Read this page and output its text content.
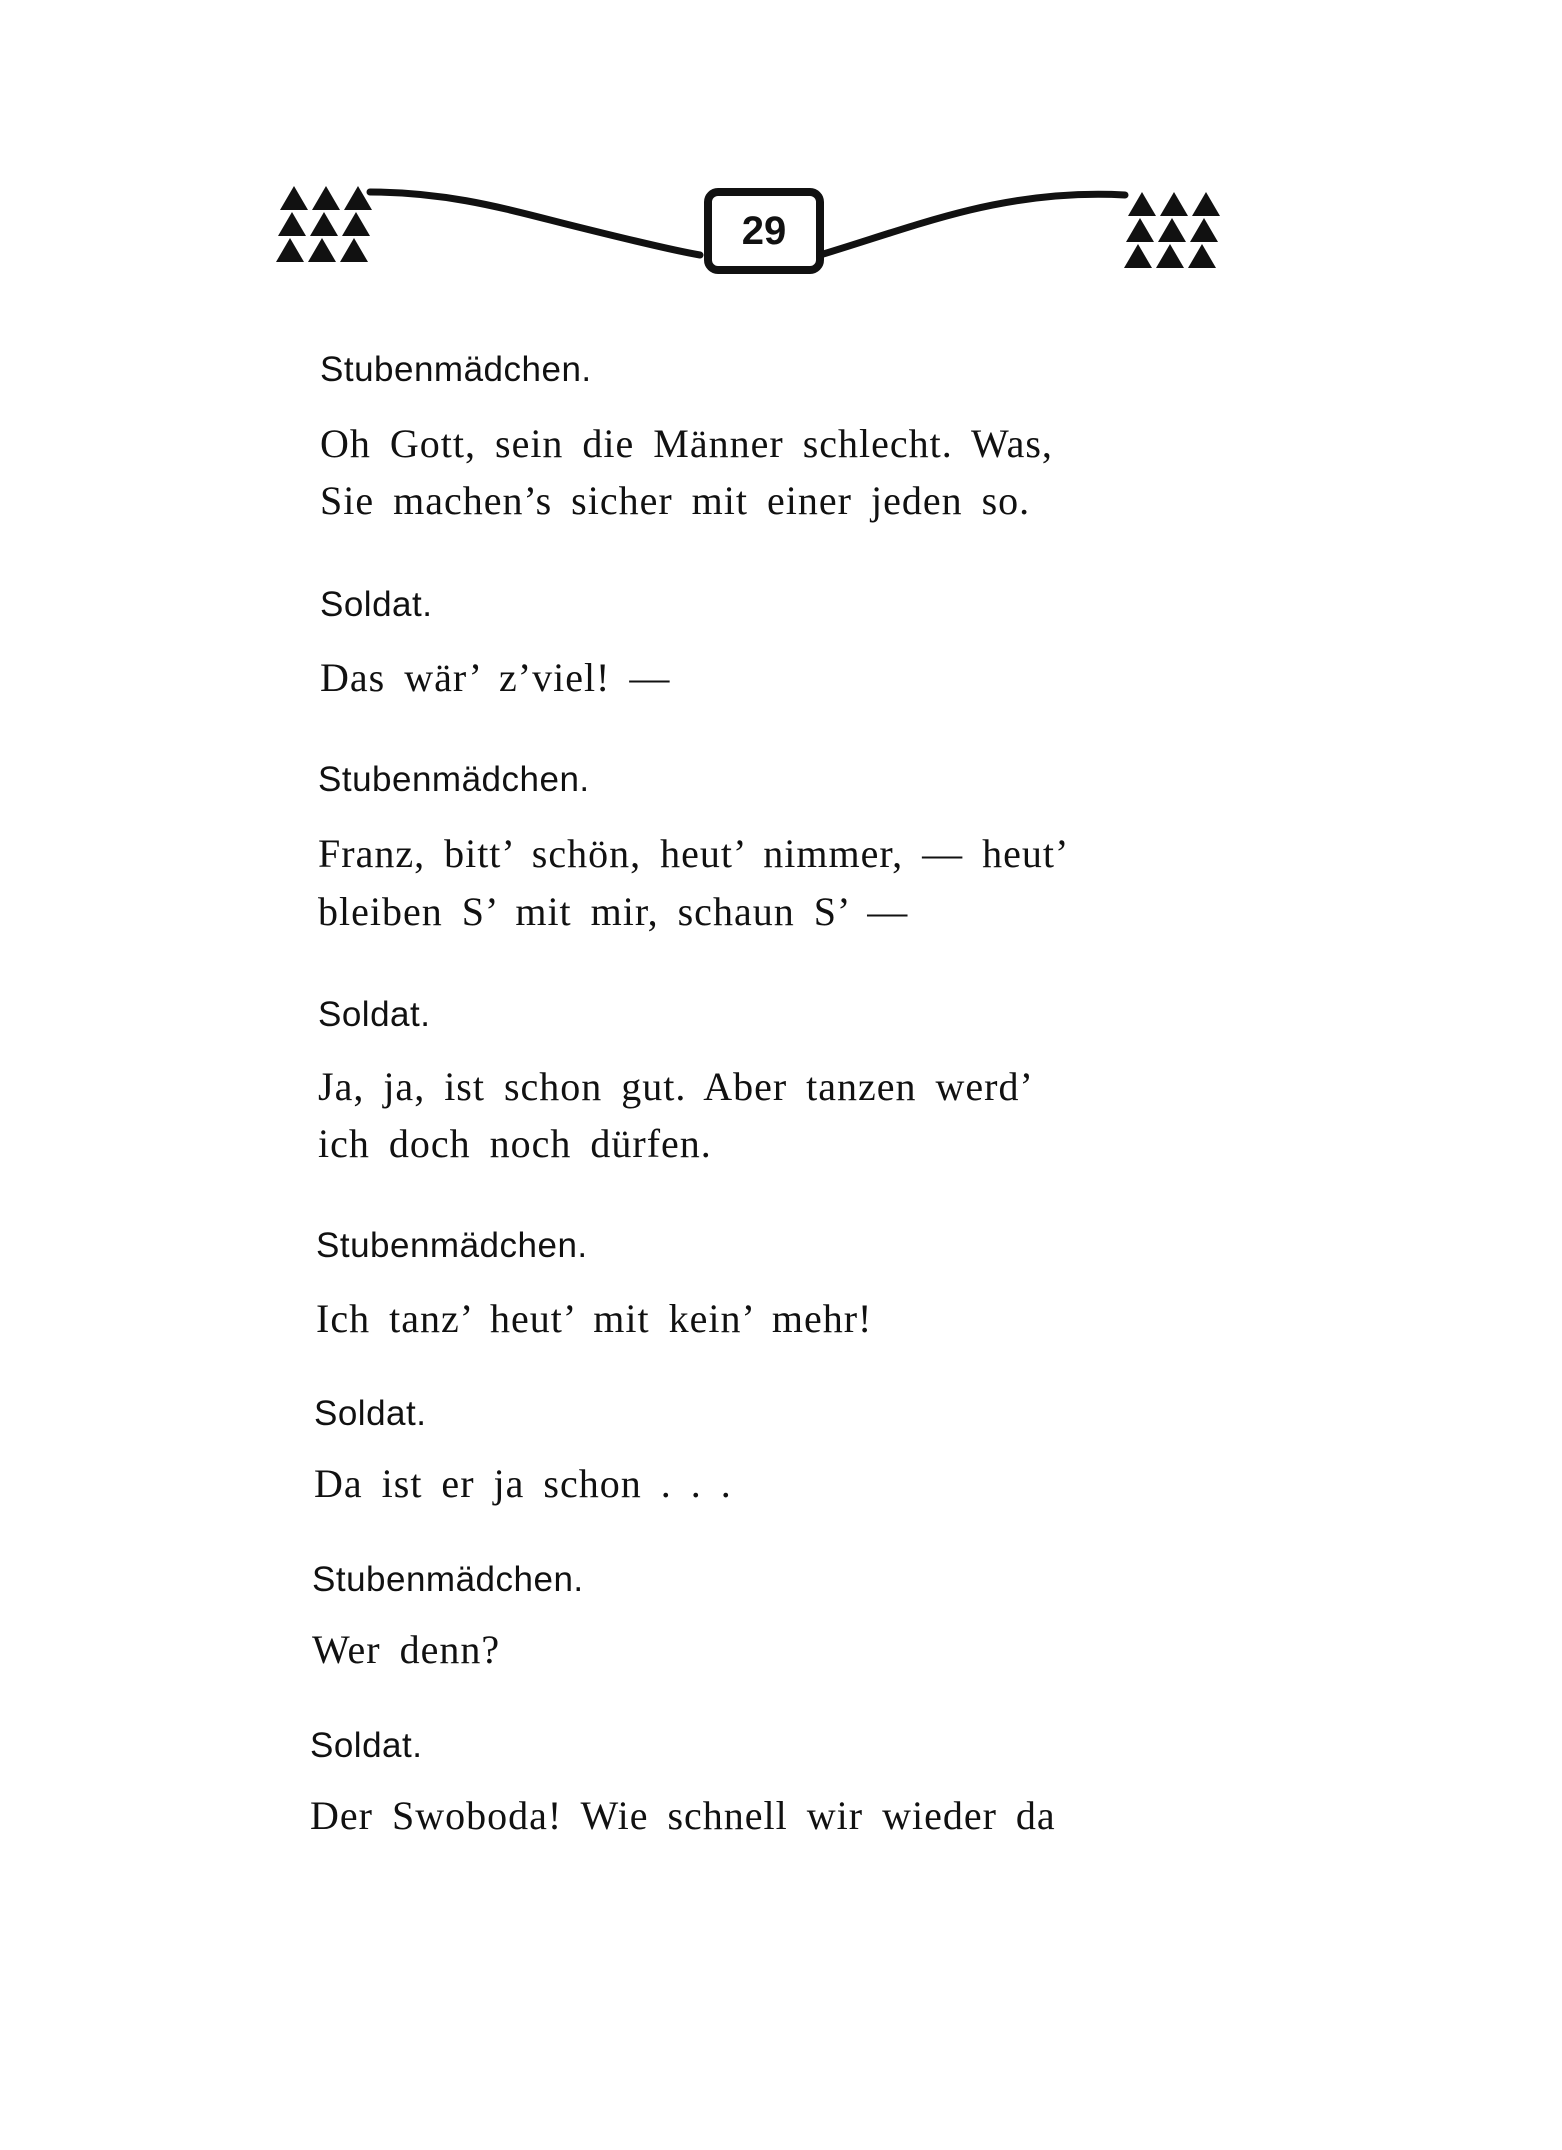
29
Stubenmädchen.
Oh Gott, sein die Männer schlecht. Was,
Sie machen’s sicher mit einer jeden so.
Soldat.
Das wär’ z’viel! —
Stubenmädchen.
Franz, bitt’ schön, heut’ nimmer, — heut’
bleiben S’ mit mir, schaun S’ —
Soldat.
Ja, ja, ist schon gut. Aber tanzen werd’
ich doch noch dürfen.
Stubenmädchen.
Ich tanz’ heut’ mit kein’ mehr!
Soldat.
Da ist er ja schon . . .
Stubenmädchen.
Wer denn?
Soldat.
Der Swoboda! Wie schnell wir wieder da
